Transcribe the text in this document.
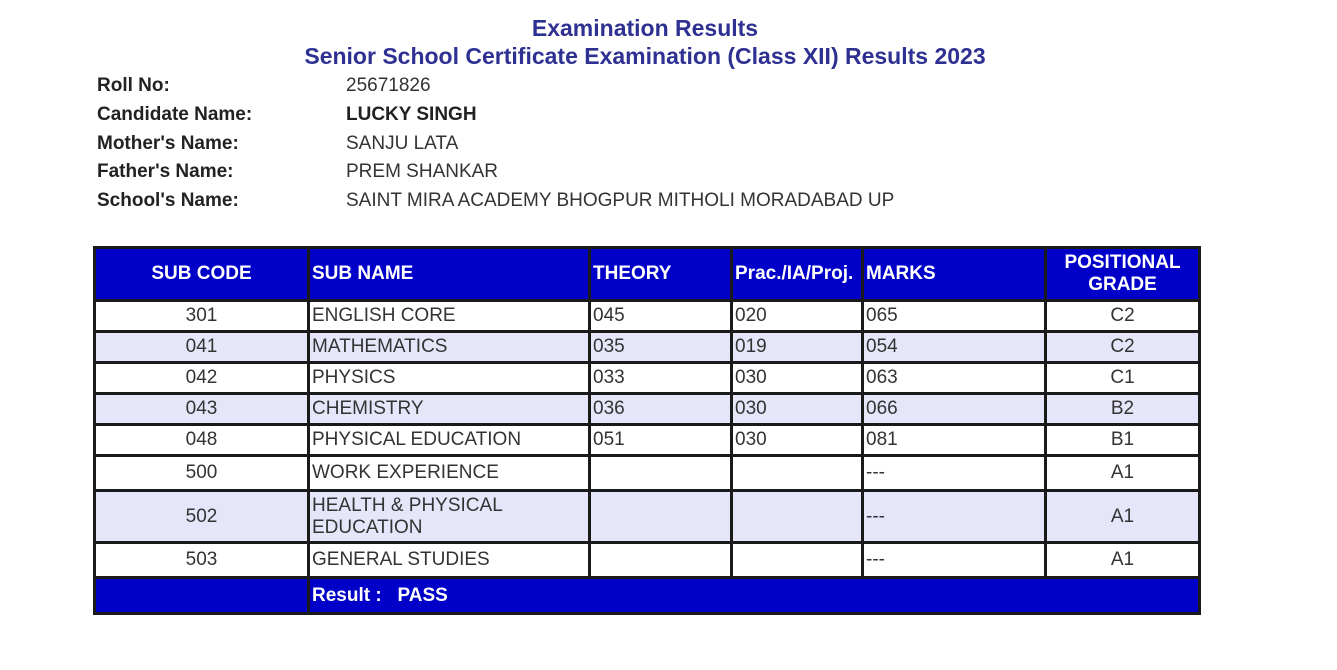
Examination Results
Senior School Certificate Examination (Class XII) Results 2023
Roll No:	25671826
Candidate Name:	LUCKY SINGH
Mother's Name:	SANJU LATA
Father's Name:	PREM SHANKAR
School's Name:	SAINT MIRA ACADEMY BHOGPUR MITHOLI MORADABAD UP
SUB CODE	SUB NAME	THEORY	Prac./IA/Proj.	MARKS	POSITIONAL GRADE
301	ENGLISH CORE	045	020	065	C2
041	MATHEMATICS	035	019	054	C2
042	PHYSICS	033	030	063	C1
043	CHEMISTRY	036	030	066	B2
048	PHYSICAL EDUCATION	051	030	081	B1
500	WORK EXPERIENCE			---	A1
502	HEALTH & PHYSICAL EDUCATION			---	A1
503	GENERAL STUDIES			---	A1
	Result :   PASS				
